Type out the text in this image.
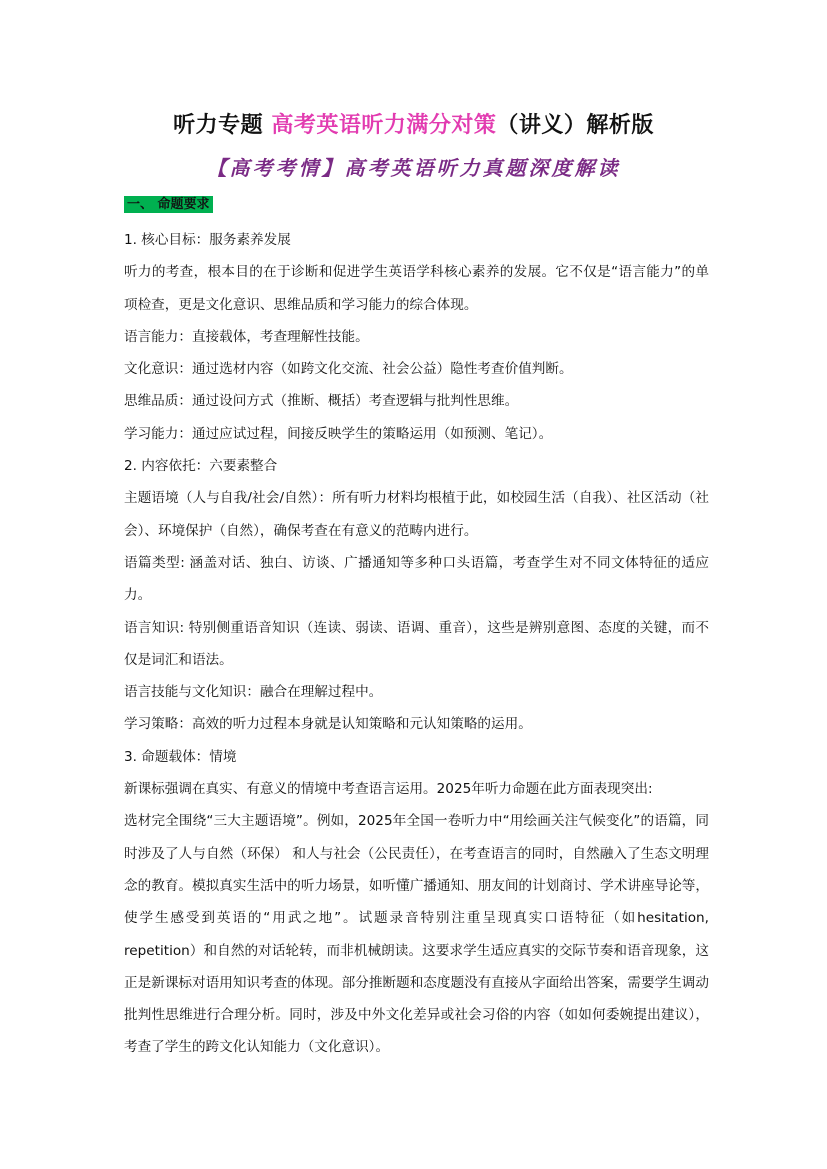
听力专题 高考英语听力满分对策（讲义）解析版
【高考考情】高考英语听力真题深度解读
一、 命题要求

1. 核心目标：服务素养发展

听力的考查，根本目的在于诊断和促进学生英语学科核心素养的发展。它不仅是“语言能力”的单项检查，更是文化意识、思维品质和学习能力的综合体现。

语言能力：直接载体，考查理解性技能。

文化意识：通过选材内容（如跨文化交流、社会公益）隐性考查价值判断。

思维品质：通过设问方式（推断、概括）考查逻辑与批判性思维。

学习能力：通过应试过程，间接反映学生的策略运用（如预测、笔记）。

2. 内容依托：六要素整合

主题语境（人与自我/社会/自然）：所有听力材料均根植于此，如校园生活（自我）、社区活动（社会）、环境保护（自然），确保考查在有意义的范畴内进行。

语篇类型: 涵盖对话、独白、访谈、广播通知等多种口头语篇，考查学生对不同文体特征的适应力。

语言知识: 特别侧重语音知识（连读、弱读、语调、重音），这些是辨别意图、态度的关键，而不仅是词汇和语法。

语言技能与文化知识：融合在理解过程中。

学习策略：高效的听力过程本身就是认知策略和元认知策略的运用。

3. 命题载体：情境

新课标强调在真实、有意义的情境中考查语言运用。2025年听力命题在此方面表现突出:

选材完全围绕“三大主题语境”。例如，2025年全国一卷听力中“用绘画关注气候变化”的语篇，同时涉及了人与自然（环保） 和人与社会（公民责任），在考查语言的同时，自然融入了生态文明理念的教育。模拟真实生活中的听力场景，如听懂广播通知、朋友间的计划商讨、学术讲座导论等，使学生感受到英语的“用武之地”。试题录音特别注重呈现真实口语特征（如hesitation, repetition）和自然的对话轮转，而非机械朗读。这要求学生适应真实的交际节奏和语音现象，这正是新课标对语用知识考查的体现。部分推断题和态度题没有直接从字面给出答案，需要学生调动批判性思维进行合理分析。同时，涉及中外文化差异或社会习俗的内容（如如何委婉提出建议），考查了学生的跨文化认知能力（文化意识）。
